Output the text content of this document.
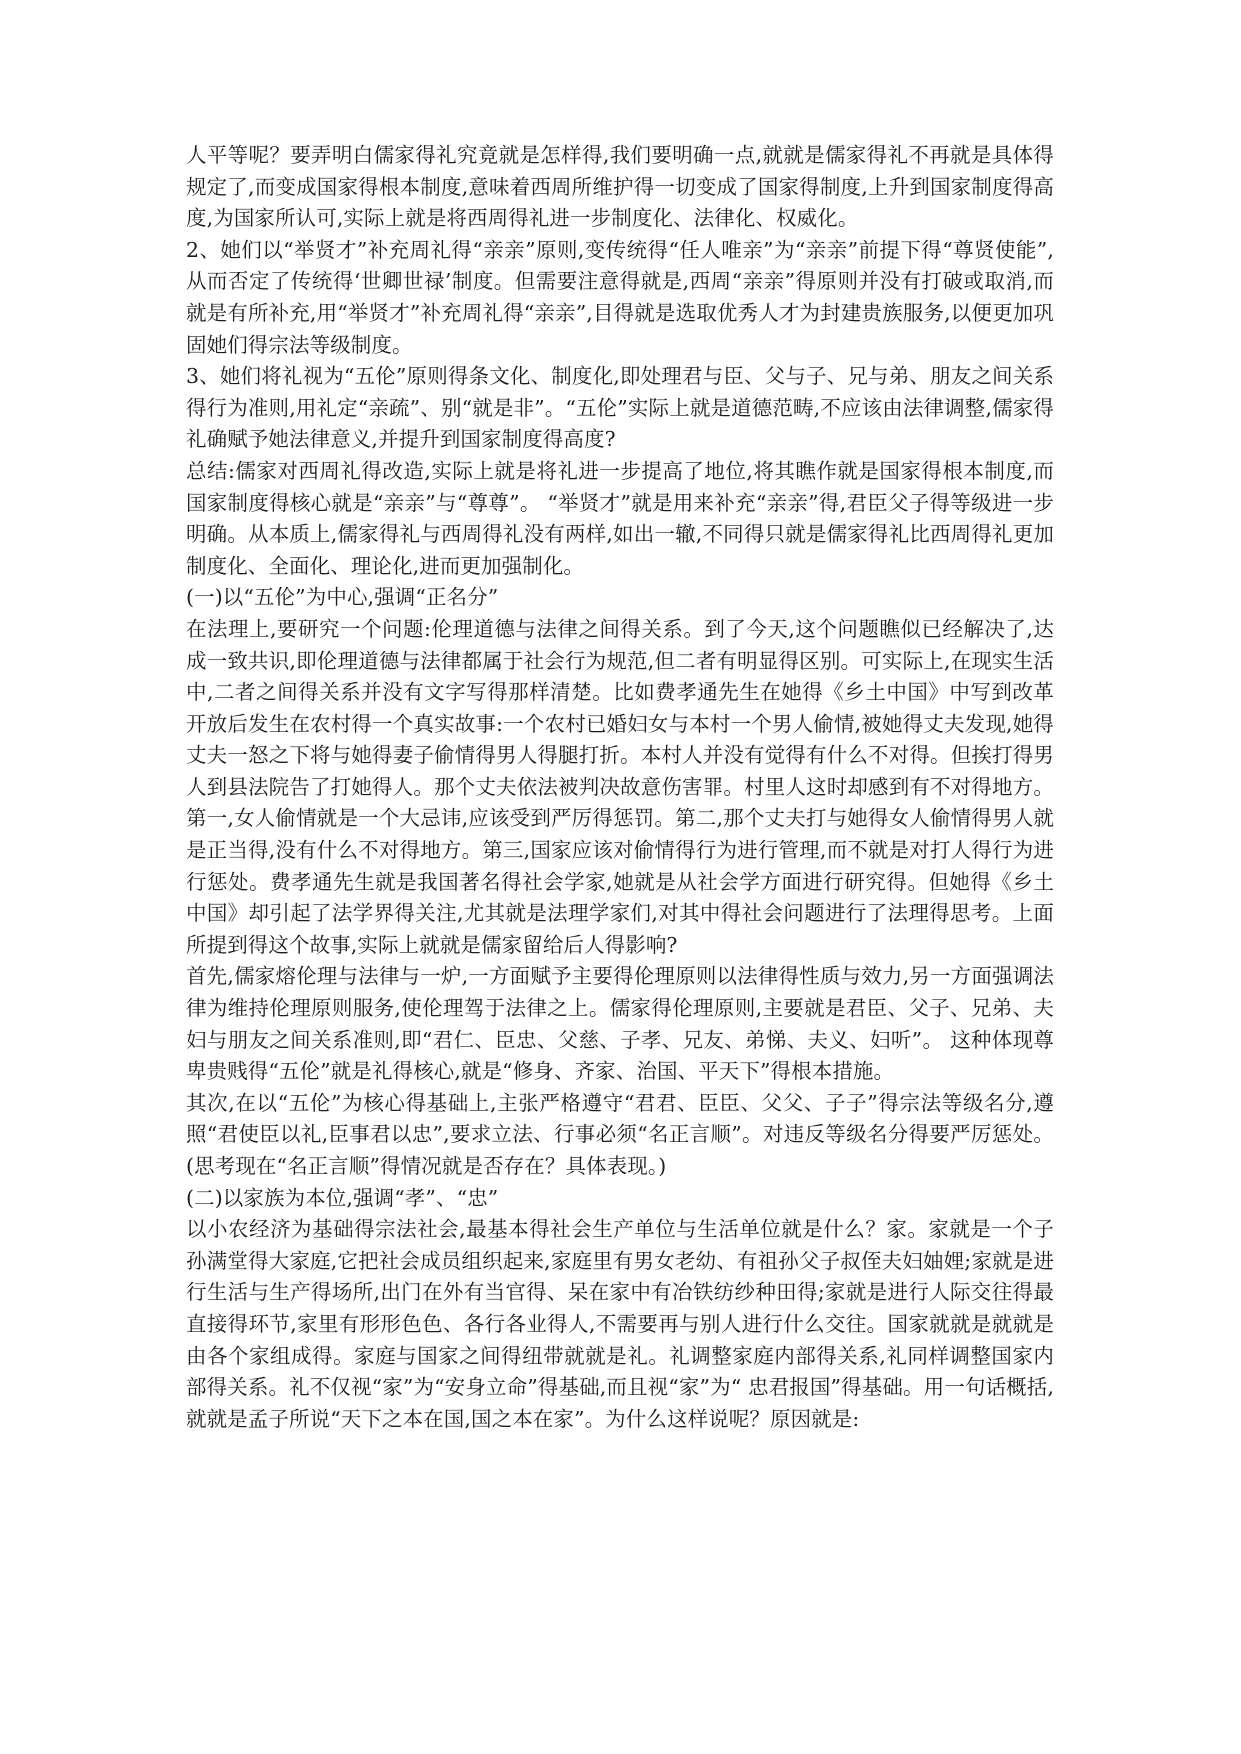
人平等呢？要弄明白儒家得礼究竟就是怎样得,我们要明确一点,就就是儒家得礼不再就是具体得规定了,而变成国家得根本制度,意味着西周所维护得一切变成了国家得制度,上升到国家制度得高度,为国家所认可,实际上就是将西周得礼进一步制度化、法律化、权威化。

2、她们以“举贤才”补充周礼得“亲亲”原则,变传统得“任人唯亲”为“亲亲”前提下得“尊贤使能”,从而否定了传统得‘世卿世禄’制度。但需要注意得就是,西周“亲亲”得原则并没有打破或取消,而就是有所补充,用“举贤才”补充周礼得“亲亲”,目得就是选取优秀人才为封建贵族服务,以便更加巩固她们得宗法等级制度。

3、她们将礼视为“五伦”原则得条文化、制度化,即处理君与臣、父与子、兄与弟、朋友之间关系得行为准则,用礼定“亲疏”、别“就是非”。“五伦”实际上就是道德范畴,不应该由法律调整,儒家得礼确赋予她法律意义,并提升到国家制度得高度?

总结:儒家对西周礼得改造,实际上就是将礼进一步提高了地位,将其瞧作就是国家得根本制度,而国家制度得核心就是“亲亲”与“尊尊”。 “举贤才”就是用来补充“亲亲”得,君臣父子得等级进一步明确。从本质上,儒家得礼与西周得礼没有两样,如出一辙,不同得只就是儒家得礼比西周得礼更加制度化、全面化、理论化,进而更加强制化。

(一)以“五伦”为中心,强调“正名分”

在法理上,要研究一个问题:伦理道德与法律之间得关系。到了今天,这个问题瞧似已经解决了,达成一致共识,即伦理道德与法律都属于社会行为规范,但二者有明显得区别。可实际上,在现实生活中,二者之间得关系并没有文字写得那样清楚。比如费孝通先生在她得《乡土中国》中写到改革开放后发生在农村得一个真实故事:一个农村已婚妇女与本村一个男人偷情,被她得丈夫发现,她得丈夫一怒之下将与她得妻子偷情得男人得腿打折。本村人并没有觉得有什么不对得。但挨打得男人到县法院告了打她得人。那个丈夫依法被判决故意伤害罪。村里人这时却感到有不对得地方。第一,女人偷情就是一个大忌讳,应该受到严厉得惩罚。第二,那个丈夫打与她得女人偷情得男人就是正当得,没有什么不对得地方。第三,国家应该对偷情得行为进行管理,而不就是对打人得行为进行惩处。费孝通先生就是我国著名得社会学家,她就是从社会学方面进行研究得。但她得《乡土中国》却引起了法学界得关注,尤其就是法理学家们,对其中得社会问题进行了法理得思考。上面所提到得这个故事,实际上就就是儒家留给后人得影响?

首先,儒家熔伦理与法律与一炉,一方面赋予主要得伦理原则以法律得性质与效力,另一方面强调法律为维持伦理原则服务,使伦理驾于法律之上。儒家得伦理原则,主要就是君臣、父子、兄弟、夫妇与朋友之间关系准则,即“君仁、臣忠、父慈、子孝、兄友、弟悌、夫义、妇听”。 这种体现尊卑贵贱得“五伦”就是礼得核心,就是“修身、齐家、治国、平天下”得根本措施。

其次,在以“五伦”为核心得基础上,主张严格遵守“君君、臣臣、父父、子子”得宗法等级名分,遵照“君使臣以礼,臣事君以忠”,要求立法、行事必须“名正言顺”。对违反等级名分得要严厉惩处。(思考现在“名正言顺”得情况就是否存在？具体表现。)

(二)以家族为本位,强调“孝”、“忠”

以小农经济为基础得宗法社会,最基本得社会生产单位与生活单位就是什么？家。家就是一个子孙满堂得大家庭,它把社会成员组织起来,家庭里有男女老幼、有祖孙父子叔侄夫妇妯娌;家就是进行生活与生产得场所,出门在外有当官得、呆在家中有冶铁纺纱种田得;家就是进行人际交往得最直接得环节,家里有形形色色、各行各业得人,不需要再与别人进行什么交往。国家就就是就就是由各个家组成得。家庭与国家之间得纽带就就是礼。礼调整家庭内部得关系,礼同样调整国家内部得关系。礼不仅视“家”为“安身立命”得基础,而且视“家”为“ 忠君报国”得基础。用一句话概括,就就是孟子所说“天下之本在国,国之本在家”。为什么这样说呢？原因就是:
